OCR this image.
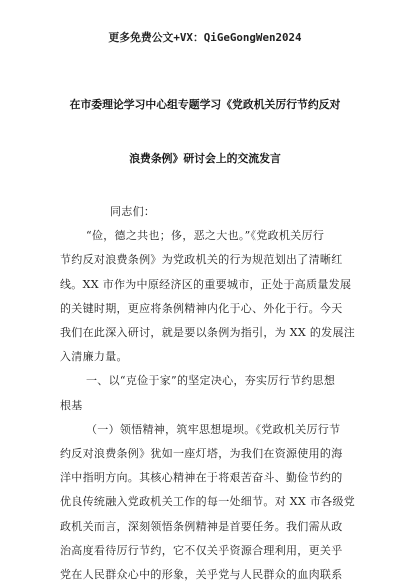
更多免费公文+VX：QiGeGongWen2024
在市委理论学习中心组专题学习《党政机关厉行节约反对
浪费条例》研讨会上的交流发言
同志们：
“俭，德之共也；侈，恶之大也。”《党政机关厉行
节约反对浪费条例》为党政机关的行为规范划出了清晰红
线。XX 市作为中原经济区的重要城市，正处于高质量发展
的关键时期，更应将条例精神内化于心、外化于行。今天
我们在此深入研讨，就是要以条例为指引，为 XX 的发展注
入清廉力量。
一、以“克俭于家”的坚定决心，夯实厉行节约思想
根基
（一）领悟精神，筑牢思想堤坝。《党政机关厉行节
约反对浪费条例》犹如一座灯塔，为我们在资源使用的海
洋中指明方向。其核心精神在于将艰苦奋斗、勤俭节约的
优良传统融入党政机关工作的每一处细节。对 XX 市各级党
政机关而言，深刻领悟条例精神是首要任务。我们需从政
治高度看待厉行节约，它不仅关乎资源合理利用，更关乎
党在人民群众心中的形象，关乎党与人民群众的血肉联系
